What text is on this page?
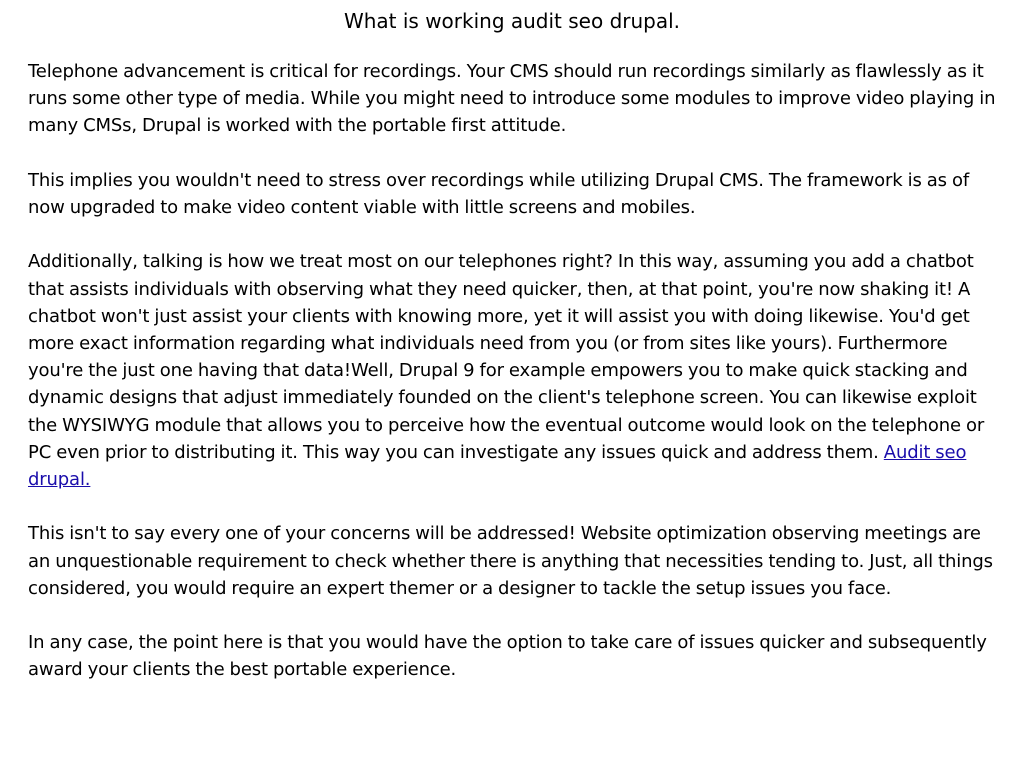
What is working audit seo drupal.

Telephone advancement is critical for recordings. Your CMS should run recordings similarly as flawlessly as it runs some other type of media. While you might need to introduce some modules to improve video playing in many CMSs, Drupal is worked with the portable first attitude.

This implies you wouldn't need to stress over recordings while utilizing Drupal CMS. The framework is as of now upgraded to make video content viable with little screens and mobiles.

Additionally, talking is how we treat most on our telephones right? In this way, assuming you add a chatbot that assists individuals with observing what they need quicker, then, at that point, you're now shaking it! A chatbot won't just assist your clients with knowing more, yet it will assist you with doing likewise. You'd get more exact information regarding what individuals need from you (or from sites like yours). Furthermore you're the just one having that data!Well, Drupal 9 for example empowers you to make quick stacking and dynamic designs that adjust immediately founded on the client's telephone screen. You can likewise exploit the WYSIWYG module that allows you to perceive how the eventual outcome would look on the telephone or PC even prior to distributing it. This way you can investigate any issues quick and address them. Audit seo drupal.

This isn't to say every one of your concerns will be addressed! Website optimization observing meetings are an unquestionable requirement to check whether there is anything that necessities tending to. Just, all things considered, you would require an expert themer or a designer to tackle the setup issues you face.

In any case, the point here is that you would have the option to take care of issues quicker and subsequently award your clients the best portable experience.
